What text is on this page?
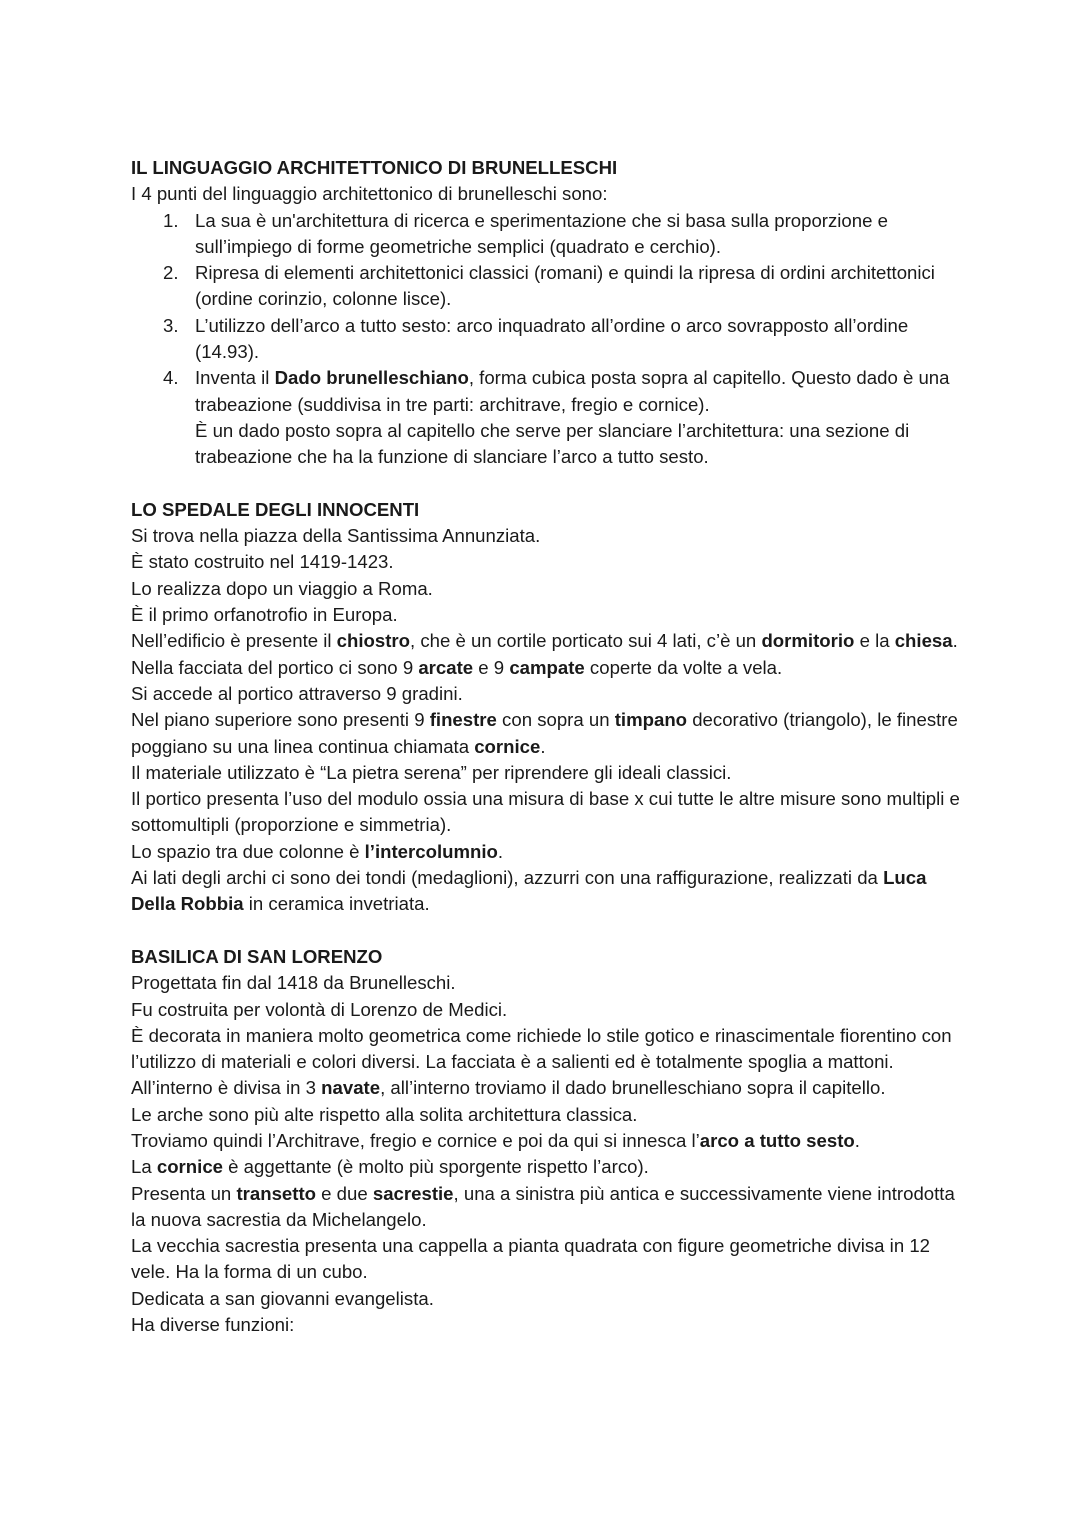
IL LINGUAGGIO ARCHITETTONICO DI BRUNELLESCHI

I 4 punti del linguaggio architettonico di brunelleschi sono:

1. La sua è un'architettura di ricerca e sperimentazione che si basa sulla proporzione e sull’impiego di forme geometriche semplici (quadrato e cerchio).
2. Ripresa di elementi architettonici classici (romani) e quindi la ripresa di ordini architettonici (ordine corinzio, colonne lisce).
3. L’utilizzo dell’arco a tutto sesto: arco inquadrato all’ordine o arco sovrapposto all’ordine (14.93).
4. Inventa il Dado brunelleschiano, forma cubica posta sopra al capitello. Questo dado è una trabeazione (suddivisa in tre parti: architrave, fregio e cornice).
È un dado posto sopra al capitello che serve per slanciare l’architettura: una sezione di trabeazione che ha la funzione di slanciare l’arco a tutto sesto.
LO SPEDALE DEGLI INNOCENTI

Si trova nella piazza della Santissima Annunziata.

È stato costruito nel 1419-1423.

Lo realizza dopo un viaggio a Roma.

È il primo orfanotrofio in Europa.

Nell’edificio è presente il chiostro, che è un cortile porticato sui 4 lati, c’è un dormitorio e la chiesa.

Nella facciata del portico ci sono 9 arcate e 9 campate coperte da volte a vela.

Si accede al portico attraverso 9 gradini.

Nel piano superiore sono presenti 9 finestre con sopra un timpano decorativo (triangolo), le finestre poggiano su una linea continua chiamata cornice.

Il materiale utilizzato è “La pietra serena” per riprendere gli ideali classici.

Il portico presenta l’uso del modulo ossia una misura di base x cui tutte le altre misure sono multipli e sottomultipli (proporzione e simmetria).

Lo spazio tra due colonne è l’intercolumnio.

Ai lati degli archi ci sono dei tondi (medaglioni), azzurri con una raffigurazione, realizzati da Luca Della Robbia in ceramica invetriata.

BASILICA DI SAN LORENZO

Progettata fin dal 1418 da Brunelleschi.

Fu costruita per volontà di Lorenzo de Medici.

È decorata in maniera molto geometrica come richiede lo stile gotico e rinascimentale fiorentino con l’utilizzo di materiali e colori diversi. La facciata è a salienti ed è totalmente spoglia a mattoni.

All’interno è divisa in 3 navate, all’interno troviamo il dado brunelleschiano sopra il capitello.

Le arche sono più alte rispetto alla solita architettura classica.

Troviamo quindi l’Architrave, fregio e cornice e poi da qui si innesca l’arco a tutto sesto.

La cornice è aggettante (è molto più sporgente rispetto l’arco).

Presenta un transetto e due sacrestie, una a sinistra più antica e successivamente viene introdotta la nuova sacrestia da Michelangelo.

La vecchia sacrestia presenta una cappella a pianta quadrata con figure geometriche divisa in 12 vele. Ha la forma di un cubo.

Dedicata a san giovanni evangelista.

Ha diverse funzioni:
